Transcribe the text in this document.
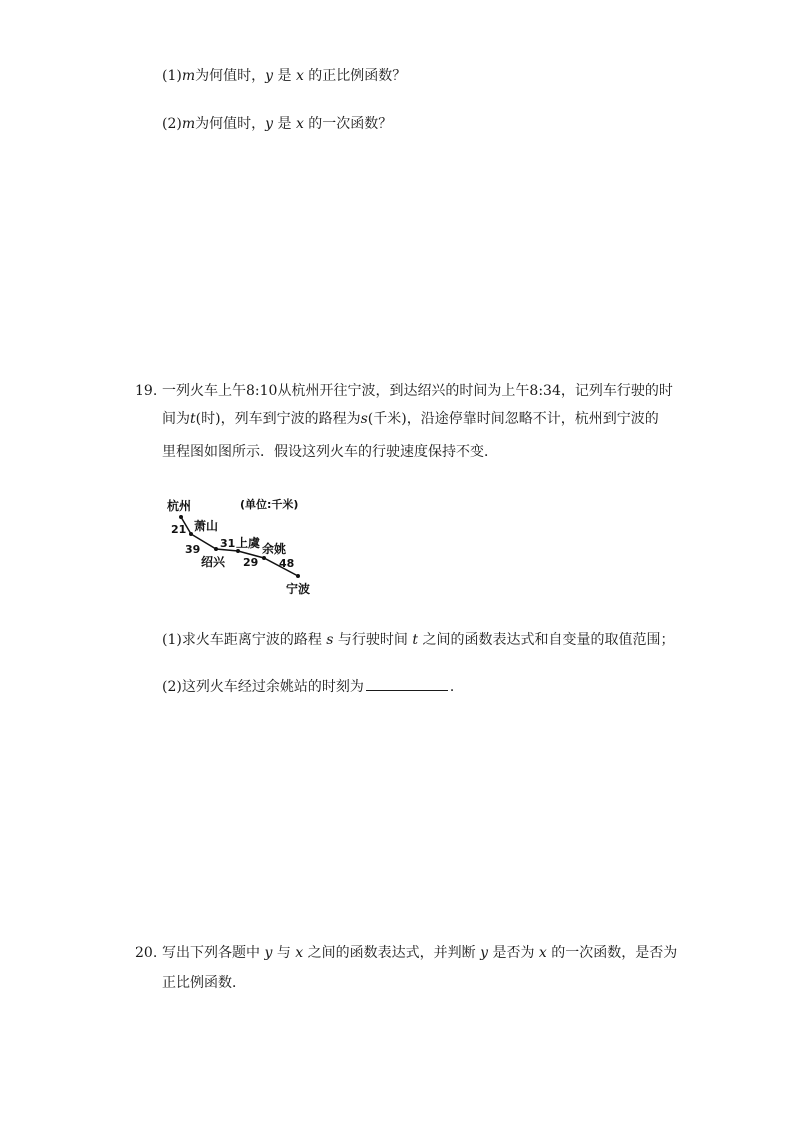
(1)m为何值时，y 是 x 的正比例函数？
(2)m为何值时，y 是 x 的一次函数？
19. 一列火车上午8:10从杭州开往宁波，到达绍兴的时间为上午8:34，记列车行驶的时
间为t(时)，列车到宁波的路程为s(千米)，沿途停靠时间忽略不计，杭州到宁波的
里程图如图所示．假设这列火车的行驶速度保持不变．
(单位:千米)
杭州
萧山
绍兴
上虞 余姚
宁波
21
39 31
29 48
(1)求火车距离宁波的路程 s 与行驶时间 t 之间的函数表达式和自变量的取值范围；
(2)这列火车经过余姚站的时刻为	．
20. 写出下列各题中 y 与 x 之间的函数表达式，并判断 y 是否为 x 的一次函数，是否为
正比例函数．
